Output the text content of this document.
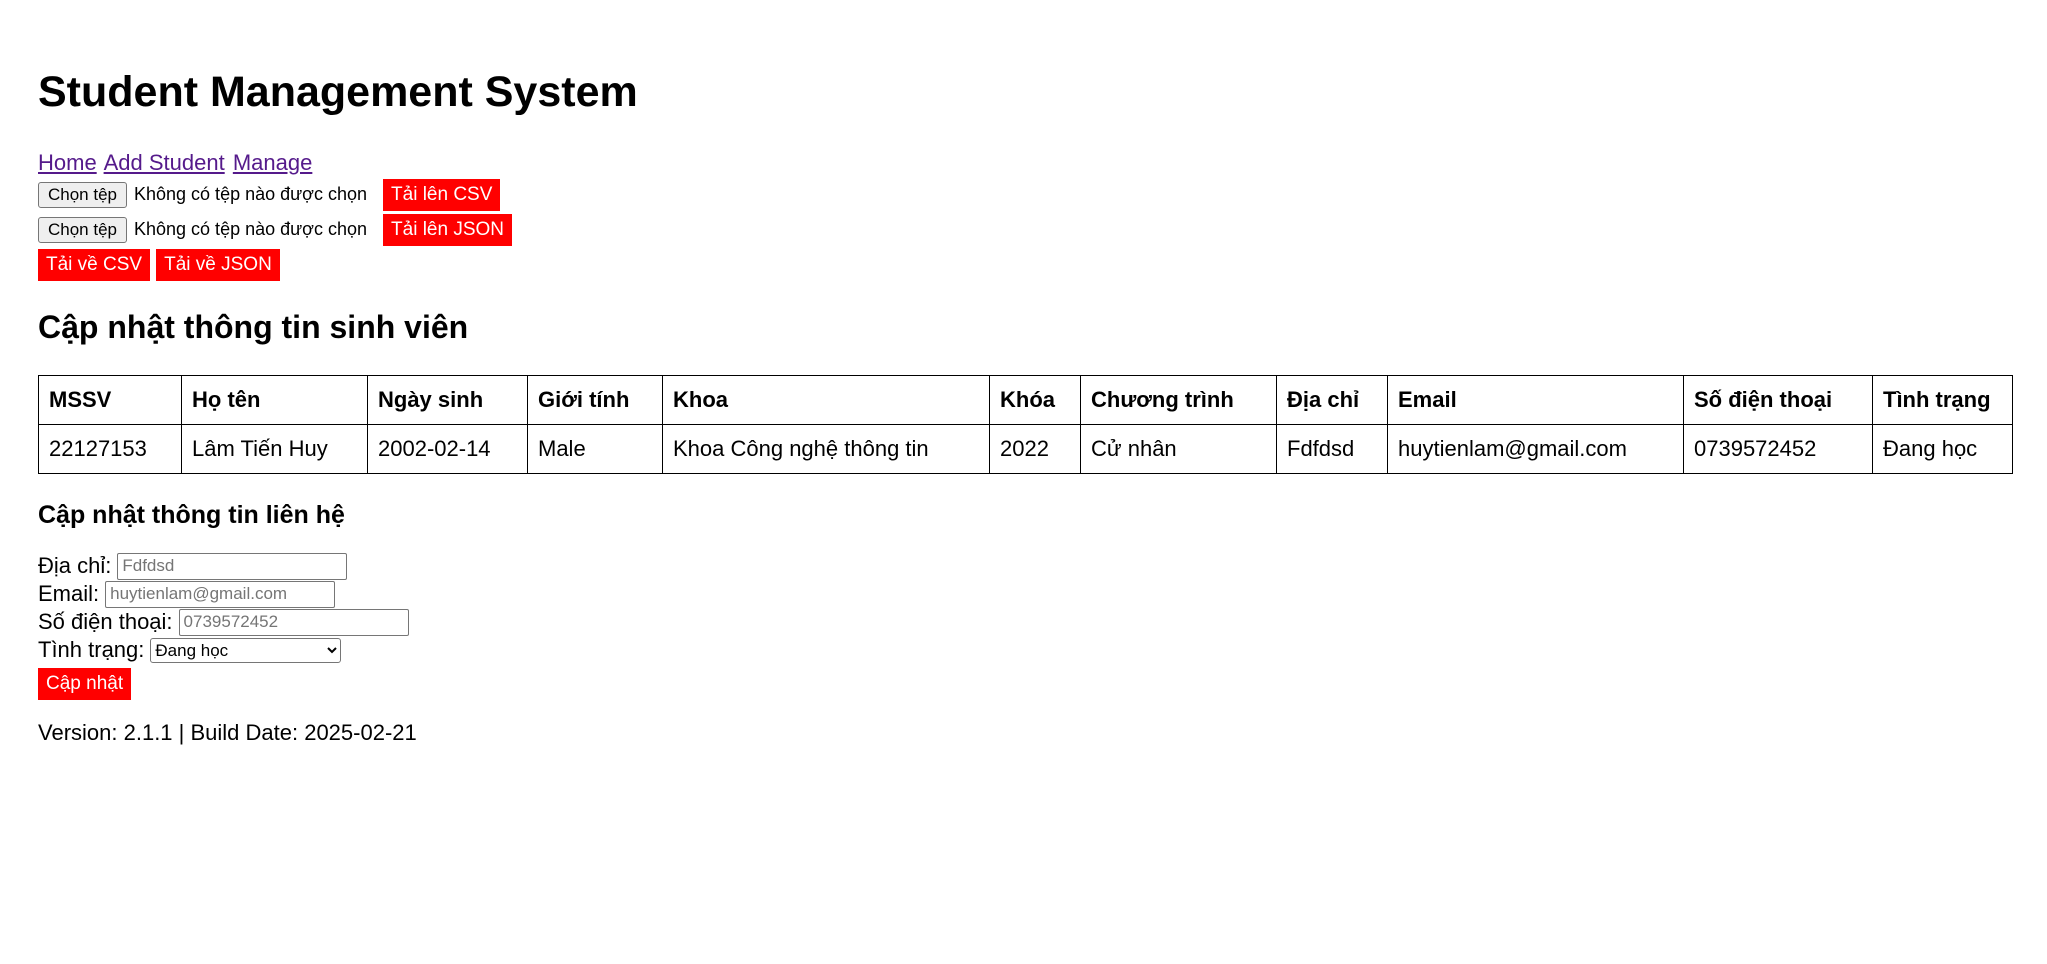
Student Management System
Home Add Student Manage
Chọn tệp Không có tệp nào được chọn	Tải lên CSV
Chọn tệp Không có tệp nào được chọn	Tải lên JSON
Tải về CSV	Tải về JSON
Cập nhật thông tin sinh viên
MSSV	Họ tên	Ngày sinh	Giới tính	Khoa	Khóa	Chương trình	Địa chỉ	Email	Số điện thoại	Tình trạng
22127153	Lâm Tiến Huy	2002-02-14	Male	Khoa Công nghệ thông tin	2022	Cử nhân	Fdfdsd	huytienlam@gmail.com	0739572452	Đang học
Cập nhật thông tin liên hệ
Địa chỉ:
Fdfdsd
Email:
huytienlam@gmail.com
Số điện thoại:
0739572452
Tình trạng:
Đang học
Cập nhật
Version: 2.1.1 | Build Date: 2025-02-21
